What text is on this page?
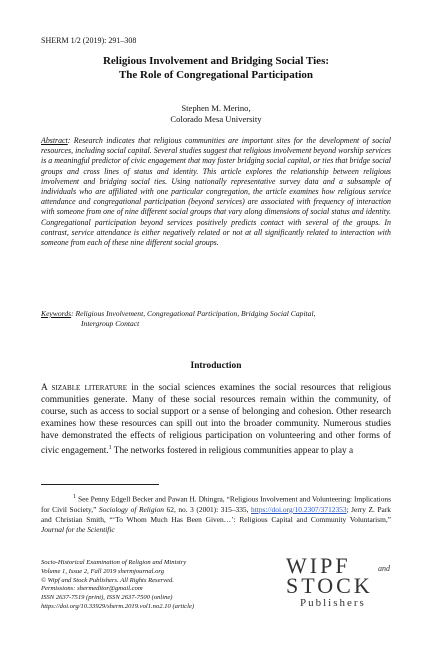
SHERM 1/2 (2019): 291–308
Religious Involvement and Bridging Social Ties:
The Role of Congregational Participation
Stephen M. Merino,
Colorado Mesa University
Abstract: Research indicates that religious communities are important sites for the development of social resources, including social capital. Several studies suggest that religious involvement beyond worship services is a meaningful predictor of civic engagement that may foster bridging social capital, or ties that bridge social groups and cross lines of status and identity. This article explores the relationship between religious involvement and bridging social ties. Using nationally representative survey data and a subsample of individuals who are affiliated with one particular congregation, the article examines how religious service attendance and congregational participation (beyond services) are associated with frequency of interaction with someone from one of nine different social groups that vary along dimensions of social status and identity. Congregational participation beyond services positively predicts contact with several of the groups. In contrast, service attendance is either negatively related or not at all significantly related to interaction with someone from each of these nine different social groups.
Keywords: Religious Involvement, Congregational Participation, Bridging Social Capital,
Intergroup Contact
Introduction
A sizable literature in the social sciences examines the social resources that religious communities generate. Many of these social resources remain within the community, of course, such as access to social support or a sense of belonging and cohesion. Other research examines how these resources can spill out into the broader community. Numerous studies have demonstrated the effects of religious participation on volunteering and other forms of civic engagement.$^1$ The networks fostered in religious communities appear to play a
$^1$ See Penny Edgell Becker and Pawan H. Dhingra, “Religious Involvement and Volunteering: Implications for Civil Society,” Sociology of Religion 62, no. 3 (2001): 315–335, https://doi.org/10.2307/3712353; Jerry Z. Park and Christian Smith, “‘To Whom Much Has Been Given…’: Religious Capital and Community Voluntarism,” Journal for the Scientific
Socio-Historical Examination of Religion and Ministry
Volume 1, Issue 2, Fall 2019 shermjournal.org
© Wipf and Stock Publishers. All Rights Reserved.
Permissions: shermeditor@gmail.com
ISSN 2637-7519 (print), ISSN 2637-7500 (online)
https://doi.org/10.33929/sherm.2019.vol1.no2.10 (article)
WIPF	and
STOCK
Publishers
